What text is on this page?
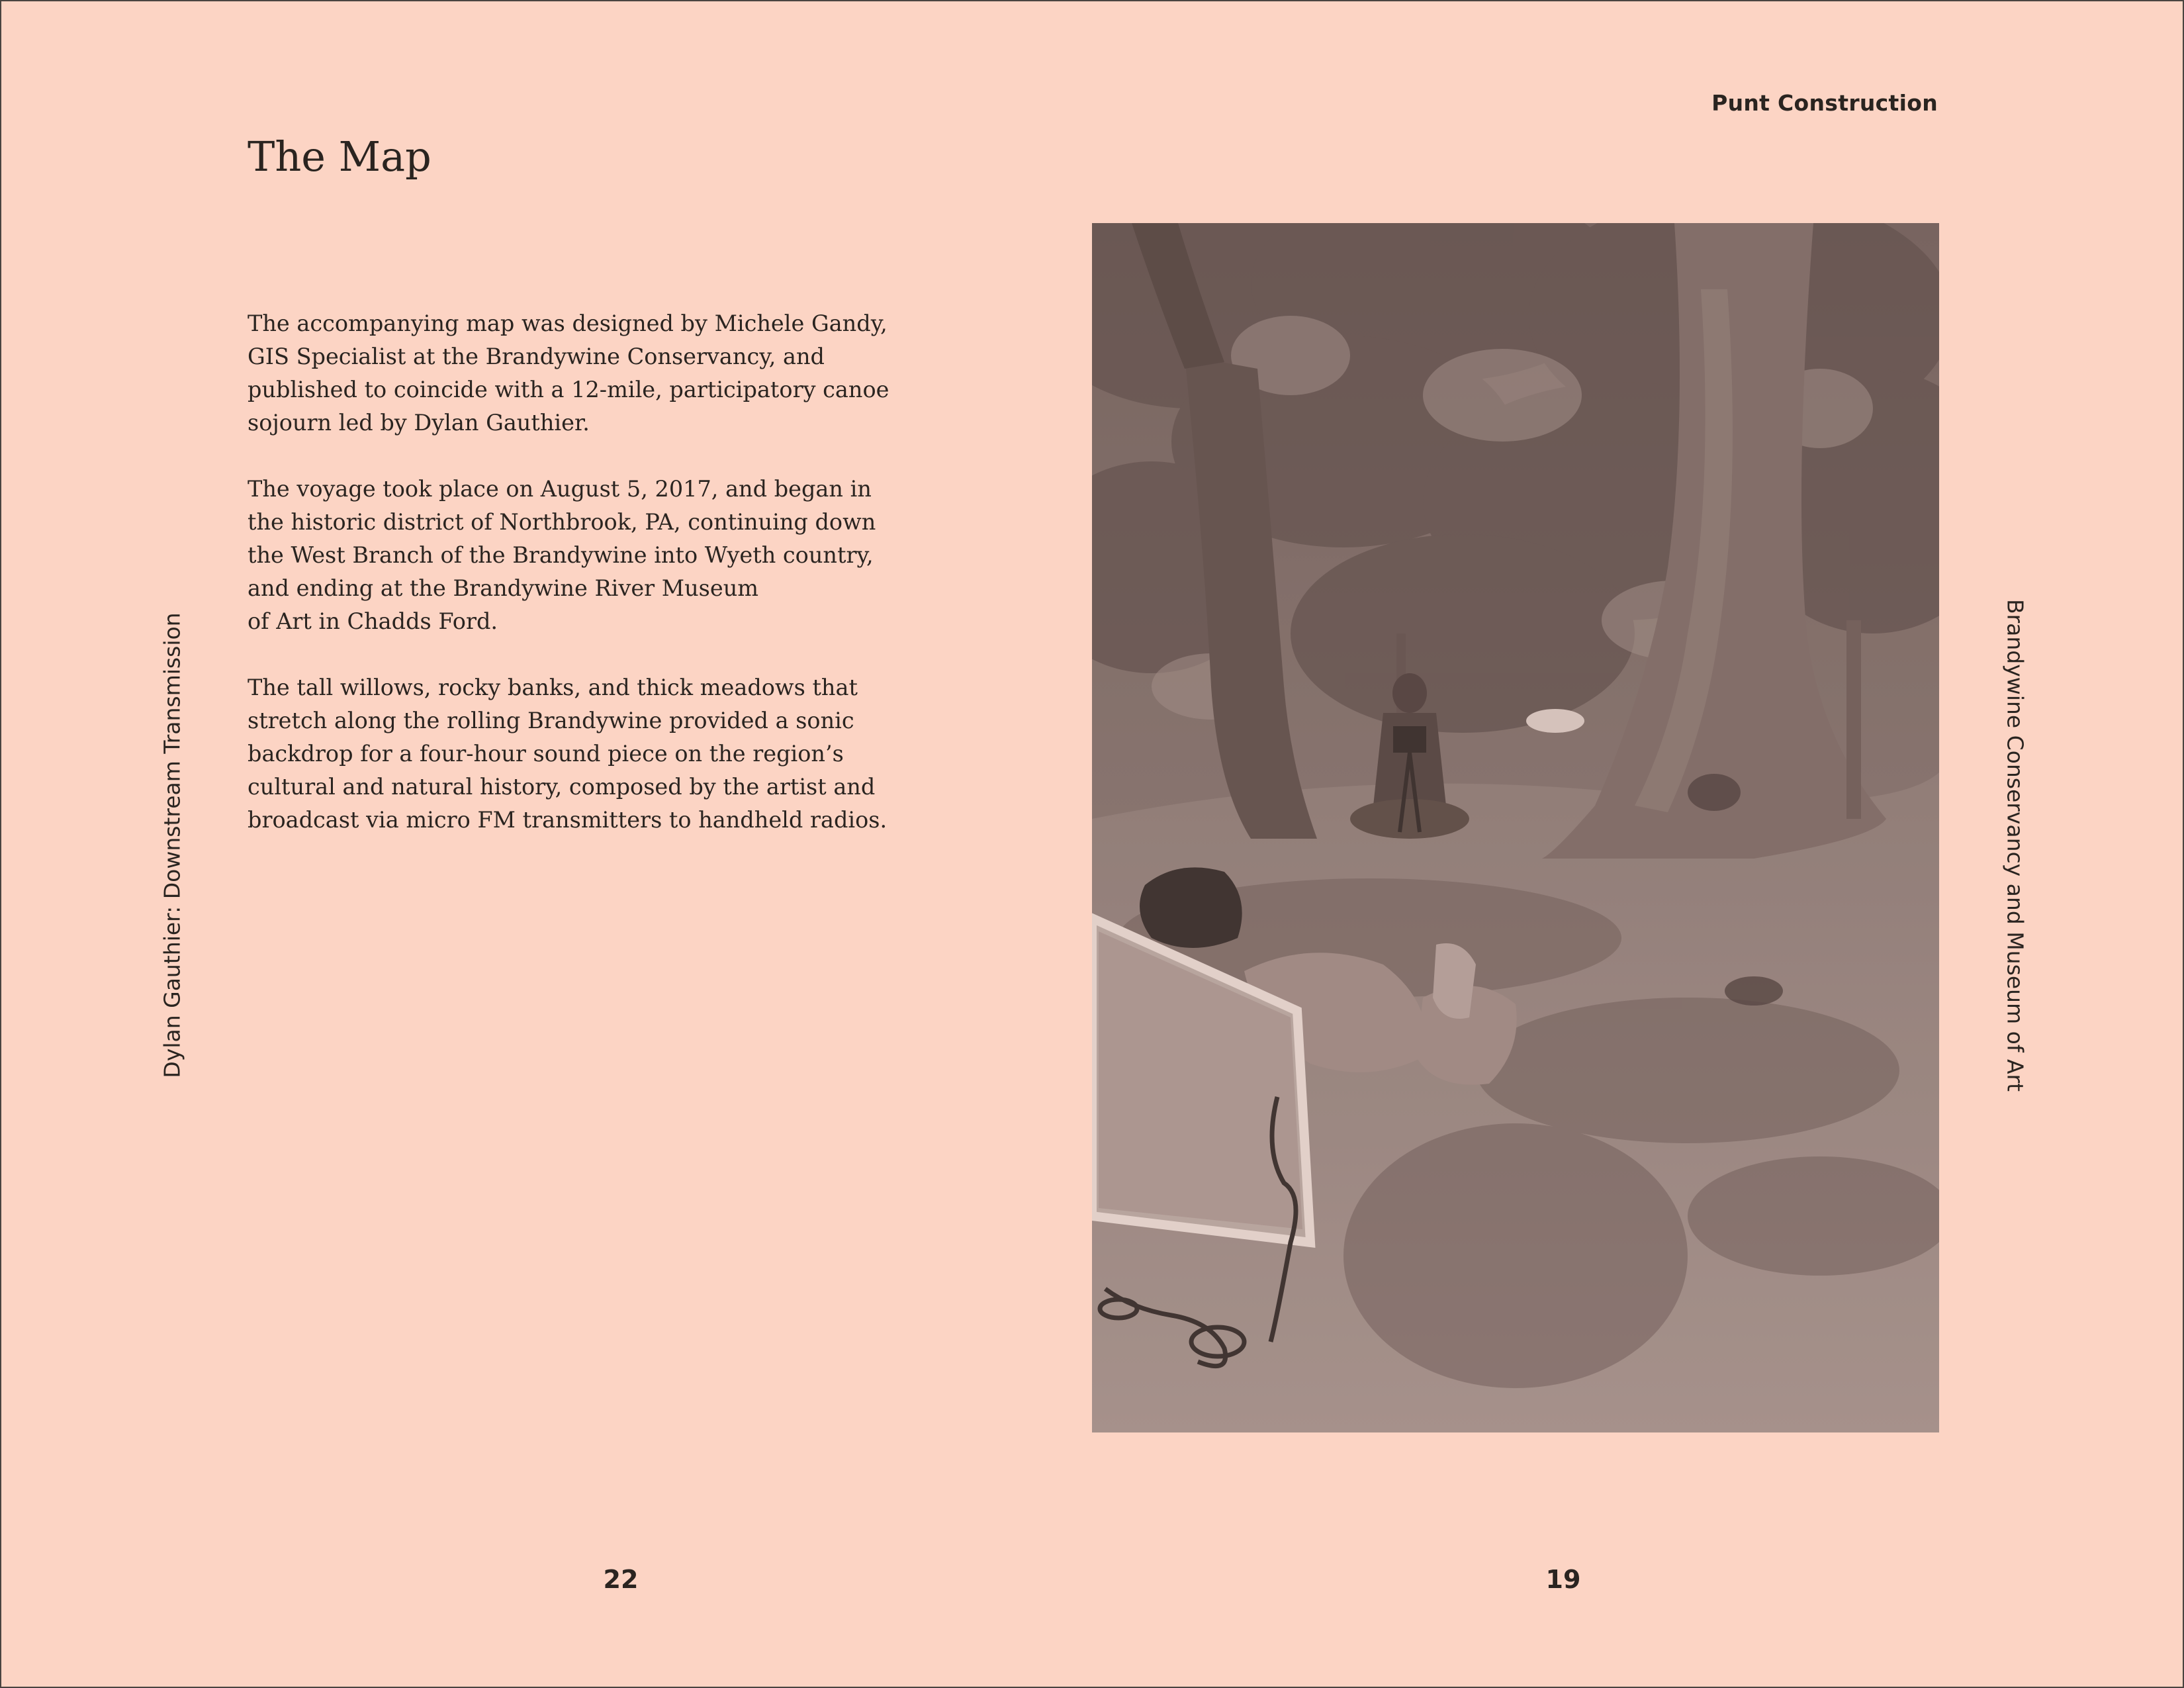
Punt Construction
The Map

The accompanying map was designed by Michele Gandy,
GIS Specialist at the Brandywine Conservancy, and
published to coincide with a 12-mile, participatory canoe
sojourn led by Dylan Gauthier.

The voyage took place on August 5, 2017, and began in
the historic district of Northbrook, PA, continuing down
the West Branch of the Brandywine into Wyeth country,
and ending at the Brandywine River Museum
of Art in Chadds Ford.

The tall willows, rocky banks, and thick meadows that
stretch along the rolling Brandywine provided a sonic
backdrop for a four-hour sound piece on the region’s
cultural and natural history, composed by the artist and
broadcast via micro FM transmitters to handheld radios.

Dylan Gauthier: Downstream Transmission	Brandywine Conservancy and Museum of Art
22	19
